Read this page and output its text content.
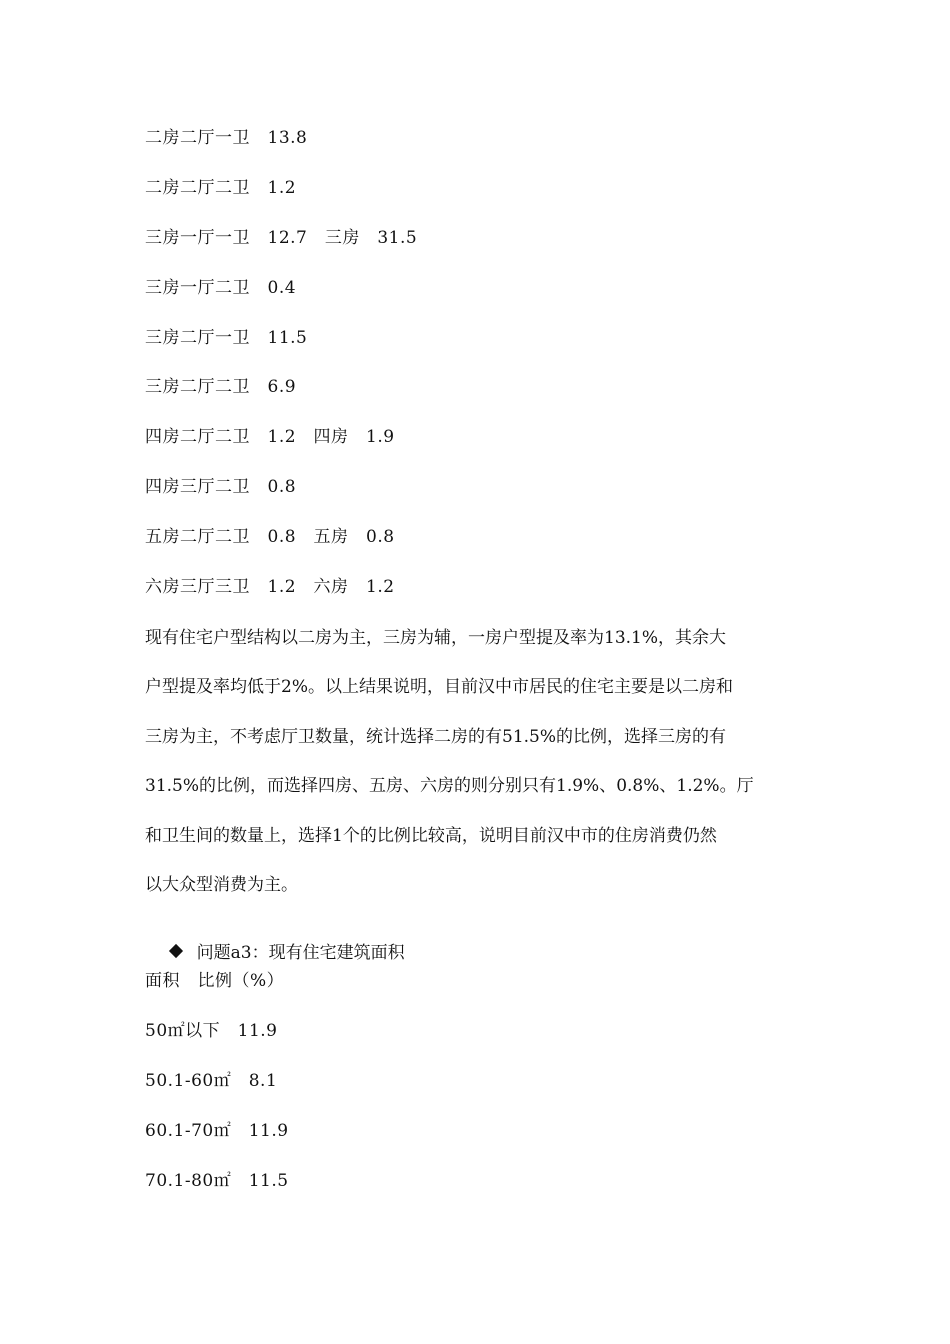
二房二厅一卫　13.8
二房二厅二卫　1.2
三房一厅一卫　12.7　三房　31.5
三房一厅二卫　0.4
三房二厅一卫　11.5
三房二厅二卫　6.9
四房二厅二卫　1.2　四房　1.9
四房三厅二卫　0.8
五房二厅二卫　0.8　五房　0.8
六房三厅三卫　1.2　六房　1.2
现有住宅户型结构以二房为主，三房为辅，一房户型提及率为13.1%，其余大
户型提及率均低于2%。以上结果说明，目前汉中市居民的住宅主要是以二房和
三房为主，不考虑厅卫数量，统计选择二房的有51.5%的比例，选择三房的有
31.5%的比例，而选择四房、五房、六房的则分别只有1.9%、0.8%、1.2%。厅
和卫生间的数量上，选择1个的比例比较高，说明目前汉中市的住房消费仍然
以大众型消费为主。

问题a3：现有住宅建筑面积

面积　比例（%）
50㎡以下　11.9
50.1-60㎡　8.1
60.1-70㎡　11.9
70.1-80㎡　11.5
